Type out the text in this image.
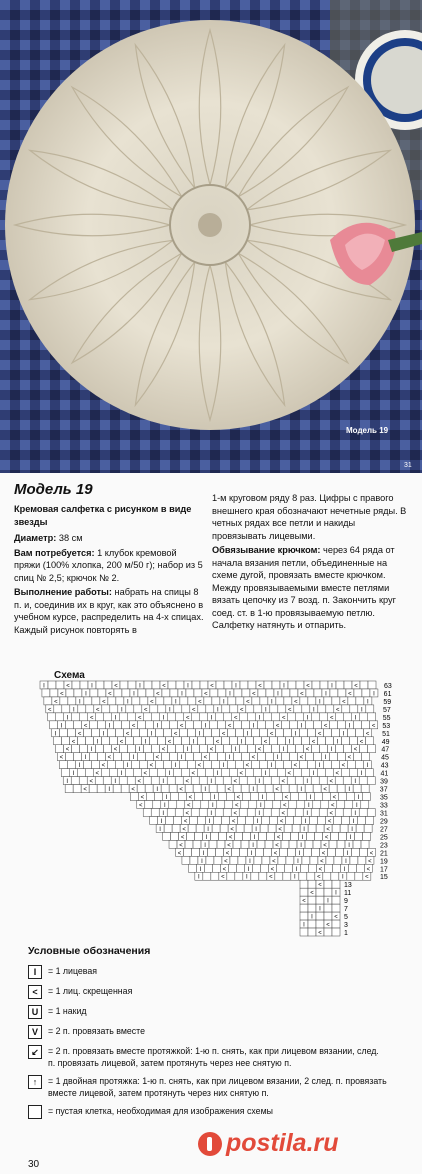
Модель 19
31
Модель 19
Кремовая салфетка с рисунком в виде звезды

Диаметр: 38 см

Вам потребуется: 1 клубок кремовой пряжи (100% хлопка, 200 м/50 г); набор из 5 спиц № 2,5; крючок № 2.

Выполнение работы: набрать на спицы 8 п. и, соединив их в круг, как это объяснено в учебном курсе, распределить на 4-х спицах. Каждый рисунок повторять в

1-м круговом ряду 8 раз. Цифры с правого внешнего края обозначают нечетные ряды. В четных рядах все петли и накиды провязывать лицевыми.

Обвязывание крючком: через 64 ряда от начала вязания петли, объединенные на схеме дугой, провязать вместе крючком. Между провязываемыми вместе петлями вязать цепочку из 7 возд. п. Закончить круг соед. ст. в 1-ю провязываемую петлю. Салфетку натянуть и отпарить.

Схема
I	<	I	<	I	<	I	<	I	<	I	<	I	<	63
<	I	<	I	<	I	<	I	<	I	<	I	<	I 61
<	I	<	I	<	I	<	I	<	I	<	I	<	I 59
<	I	<	I	<	I	<	I	<	I	<	I	<	I	57
I	<	I	<	I	<	I	<	I	<	I	<	I	55
I	<	I	<	I	<	I	<	I	<	I	<	I	< 53
I	<	I	<	I	<	I	<	I	<	I	<	I	< 51
<	I	<	I	<	I	<	I	<	I	<	I	<	49
<	I	<	I	<	I	<	I	<	I	<	I	<	47
<	I	<	I	<	I	<	I	<	I	<	I	<	45
I	<	I	<	I	<	I	<	I	<	I	<	I 43
I	<	I	<	I	<	I	<	I	<	I	<	I	41
I	<	I	<	I	<	I	<	I	<	I	<	I	39
<	I	<	I	<	I	<	I	<	I	<	I	37
<	I	<	I	<	I	<	I	<	I	35
<	I	<	I	<	I	<	I	<	I	33
I	<	I	<	I	<	I	<	I	31
I	<	I	<	I	<	I	<	I	29
I	<	I	<	I	<	I	<	I	27
<	I	<	I	<	I	<	I	25
<	I	<	I	<	I	<	I	23
<	I	<	I	<	I	<	I	< 21
I	<	I	<	I	<	I	< 19
I	<	I	<	I	<	I	< 17
I	<	I	<	I	<	I	< 15
<	13
<	I 11
<	I 9
I	7
I	< 5
I	< 3
<	1
Условные обозначения
I	= 1 лицевая
<	= 1 лиц. скрещенная
U	= 1 накид
V	= 2 п. провязать вместе
↙	= 2 п. провязать вместе протяжкой: 1-ю п. снять, как при лицевом вязании, след. п. провязать лицевой, затем протянуть через нее снятую п.
↑	= 1 двойная протяжка: 1-ю п. снять, как при лицевом вязании, 2 след. п. провязать вместе лицевой, затем протянуть через них снятую п.
= пустая клетка, необходимая для изображения схемы
postila.ru
30
